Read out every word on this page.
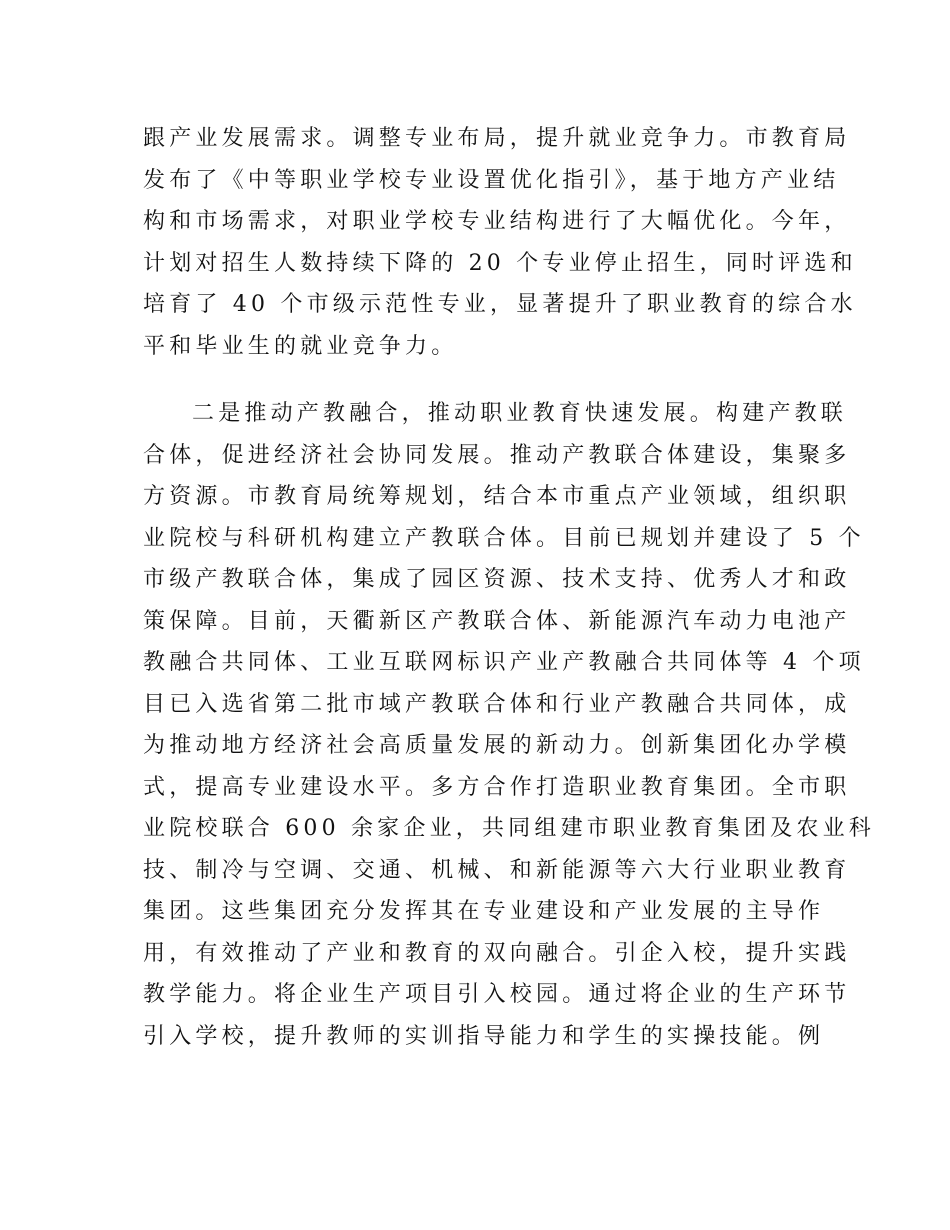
跟产业发展需求。调整专业布局，提升就业竞争力。市教育局
发布了《中等职业学校专业设置优化指引》，基于地方产业结
构和市场需求，对职业学校专业结构进行了大幅优化。今年，
计划对招生人数持续下降的 20 个专业停止招生，同时评选和
培育了 40 个市级示范性专业，显著提升了职业教育的综合水
平和毕业生的就业竞争力。
二是推动产教融合，推动职业教育快速发展。构建产教联
合体，促进经济社会协同发展。推动产教联合体建设，集聚多
方资源。市教育局统筹规划，结合本市重点产业领域，组织职
业院校与科研机构建立产教联合体。目前已规划并建设了 5 个
市级产教联合体，集成了园区资源、技术支持、优秀人才和政
策保障。目前，天衢新区产教联合体、新能源汽车动力电池产
教融合共同体、工业互联网标识产业产教融合共同体等 4 个项
目已入选省第二批市域产教联合体和行业产教融合共同体，成
为推动地方经济社会高质量发展的新动力。创新集团化办学模
式，提高专业建设水平。多方合作打造职业教育集团。全市职
业院校联合 600 余家企业，共同组建市职业教育集团及农业科
技、制冷与空调、交通、机械、和新能源等六大行业职业教育
集团。这些集团充分发挥其在专业建设和产业发展的主导作
用，有效推动了产业和教育的双向融合。引企入校，提升实践
教学能力。将企业生产项目引入校园。通过将企业的生产环节
引入学校，提升教师的实训指导能力和学生的实操技能。例
